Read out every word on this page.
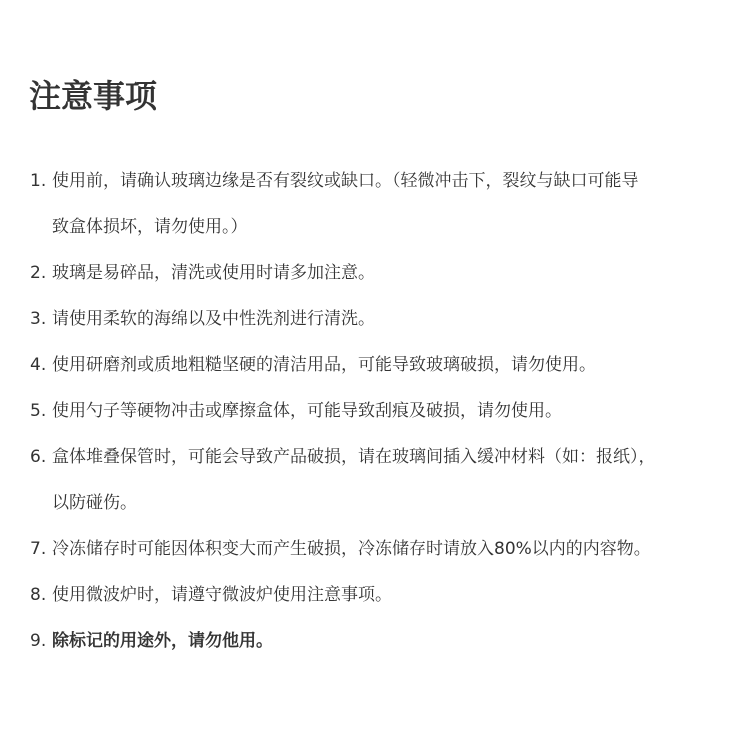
注意事项
1. 使用前，请确认玻璃边缘是否有裂纹或缺口。（轻微冲击下，裂纹与缺口可能导
致盒体损坏，请勿使用。）
2. 玻璃是易碎品，清洗或使用时请多加注意。
3. 请使用柔软的海绵以及中性洗剂进行清洗。
4. 使用研磨剂或质地粗糙坚硬的清洁用品，可能导致玻璃破损，请勿使用。
5. 使用勺子等硬物冲击或摩擦盒体，可能导致刮痕及破损，请勿使用。
6. 盒体堆叠保管时，可能会导致产品破损，请在玻璃间插入缓冲材料（如：报纸），
以防碰伤。
7. 冷冻储存时可能因体积变大而产生破损，冷冻储存时请放入80%以内的内容物。
8. 使用微波炉时，请遵守微波炉使用注意事项。
9. 除标记的用途外，请勿他用。
